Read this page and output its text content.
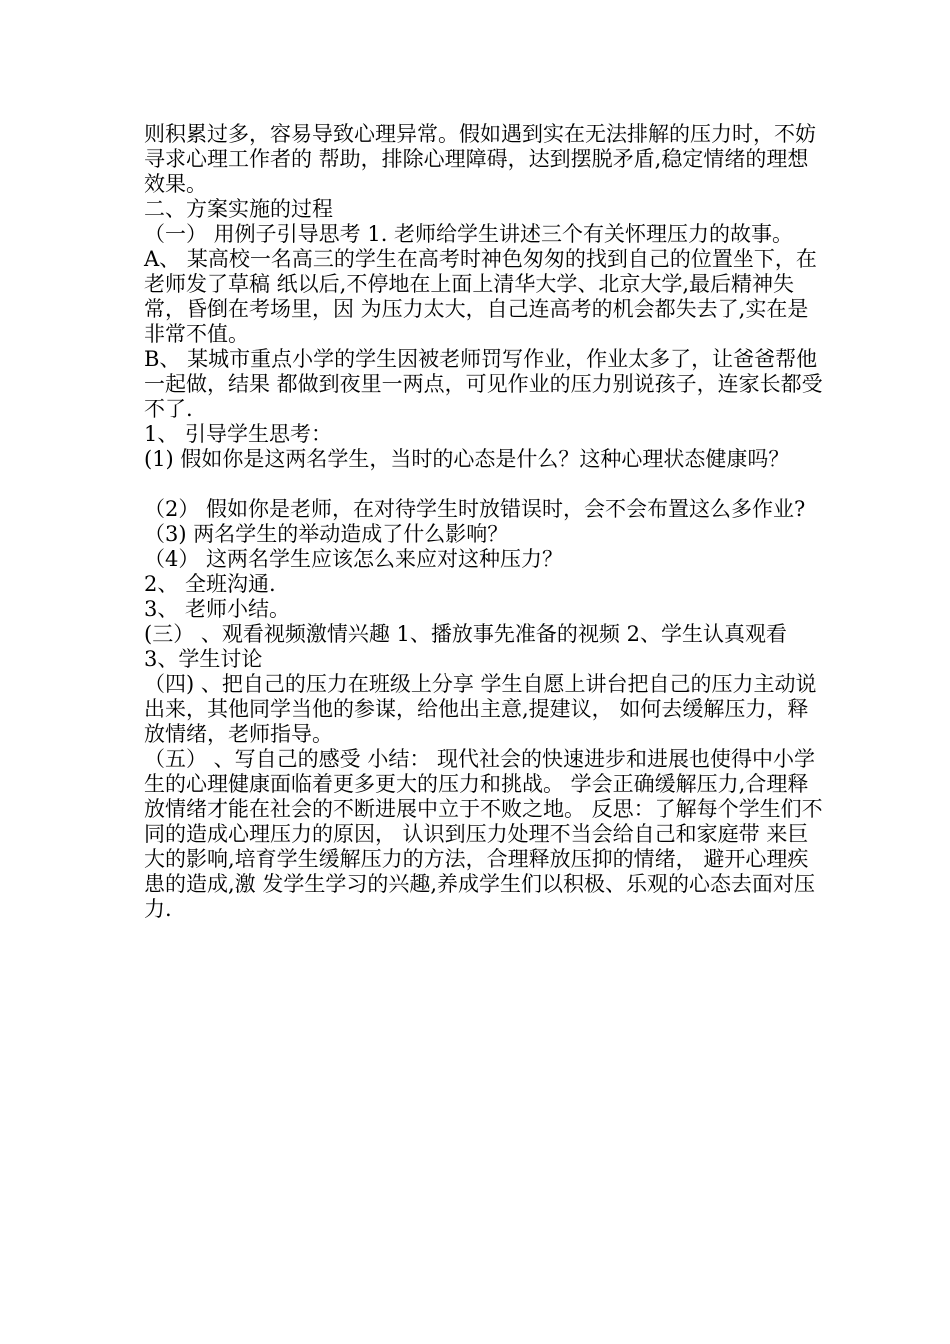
则积累过多，容易导致心理异常。假如遇到实在无法排解的压力时，不妨寻求心理工作者的 帮助，排除心理障碍，达到摆脱矛盾,稳定情绪的理想效果。

二、方案实施的过程

（一） 用例子引导思考 1. 老师给学生讲述三个有关怀理压力的故事。

A、 某高校一名高三的学生在高考时神色匆匆的找到自己的位置坐下，在老师发了草稿 纸以后,不停地在上面上清华大学、北京大学,最后精神失常，昏倒在考场里，因 为压力太大，自己连高考的机会都失去了,实在是非常不值。

B、 某城市重点小学的学生因被老师罚写作业，作业太多了，让爸爸帮他一起做，结果 都做到夜里一两点，可见作业的压力别说孩子，连家长都受不了.

1、 引导学生思考：

(1) 假如你是这两名学生，当时的心态是什么？这种心理状态健康吗？

（2） 假如你是老师，在对待学生时放错误时，会不会布置这么多作业?

（3) 两名学生的举动造成了什么影响？

（4） 这两名学生应该怎么来应对这种压力？

2、 全班沟通.

3、 老师小结。

(三） 、观看视频激情兴趣 1、播放事先准备的视频 2、学生认真观看 3、学生讨论

（四) 、把自己的压力在班级上分享 学生自愿上讲台把自己的压力主动说出来，其他同学当他的参谋，给他出主意,提建议， 如何去缓解压力，释放情绪，老师指导。

（五） 、写自己的感受 小结： 现代社会的快速进步和进展也使得中小学生的心理健康面临着更多更大的压力和挑战。 学会正确缓解压力,合理释放情绪才能在社会的不断进展中立于不败之地。 反思：了解每个学生们不同的造成心理压力的原因， 认识到压力处理不当会给自己和家庭带 来巨大的影响,培育学生缓解压力的方法，合理释放压抑的情绪， 避开心理疾患的造成,激 发学生学习的兴趣,养成学生们以积极、乐观的心态去面对压力.
